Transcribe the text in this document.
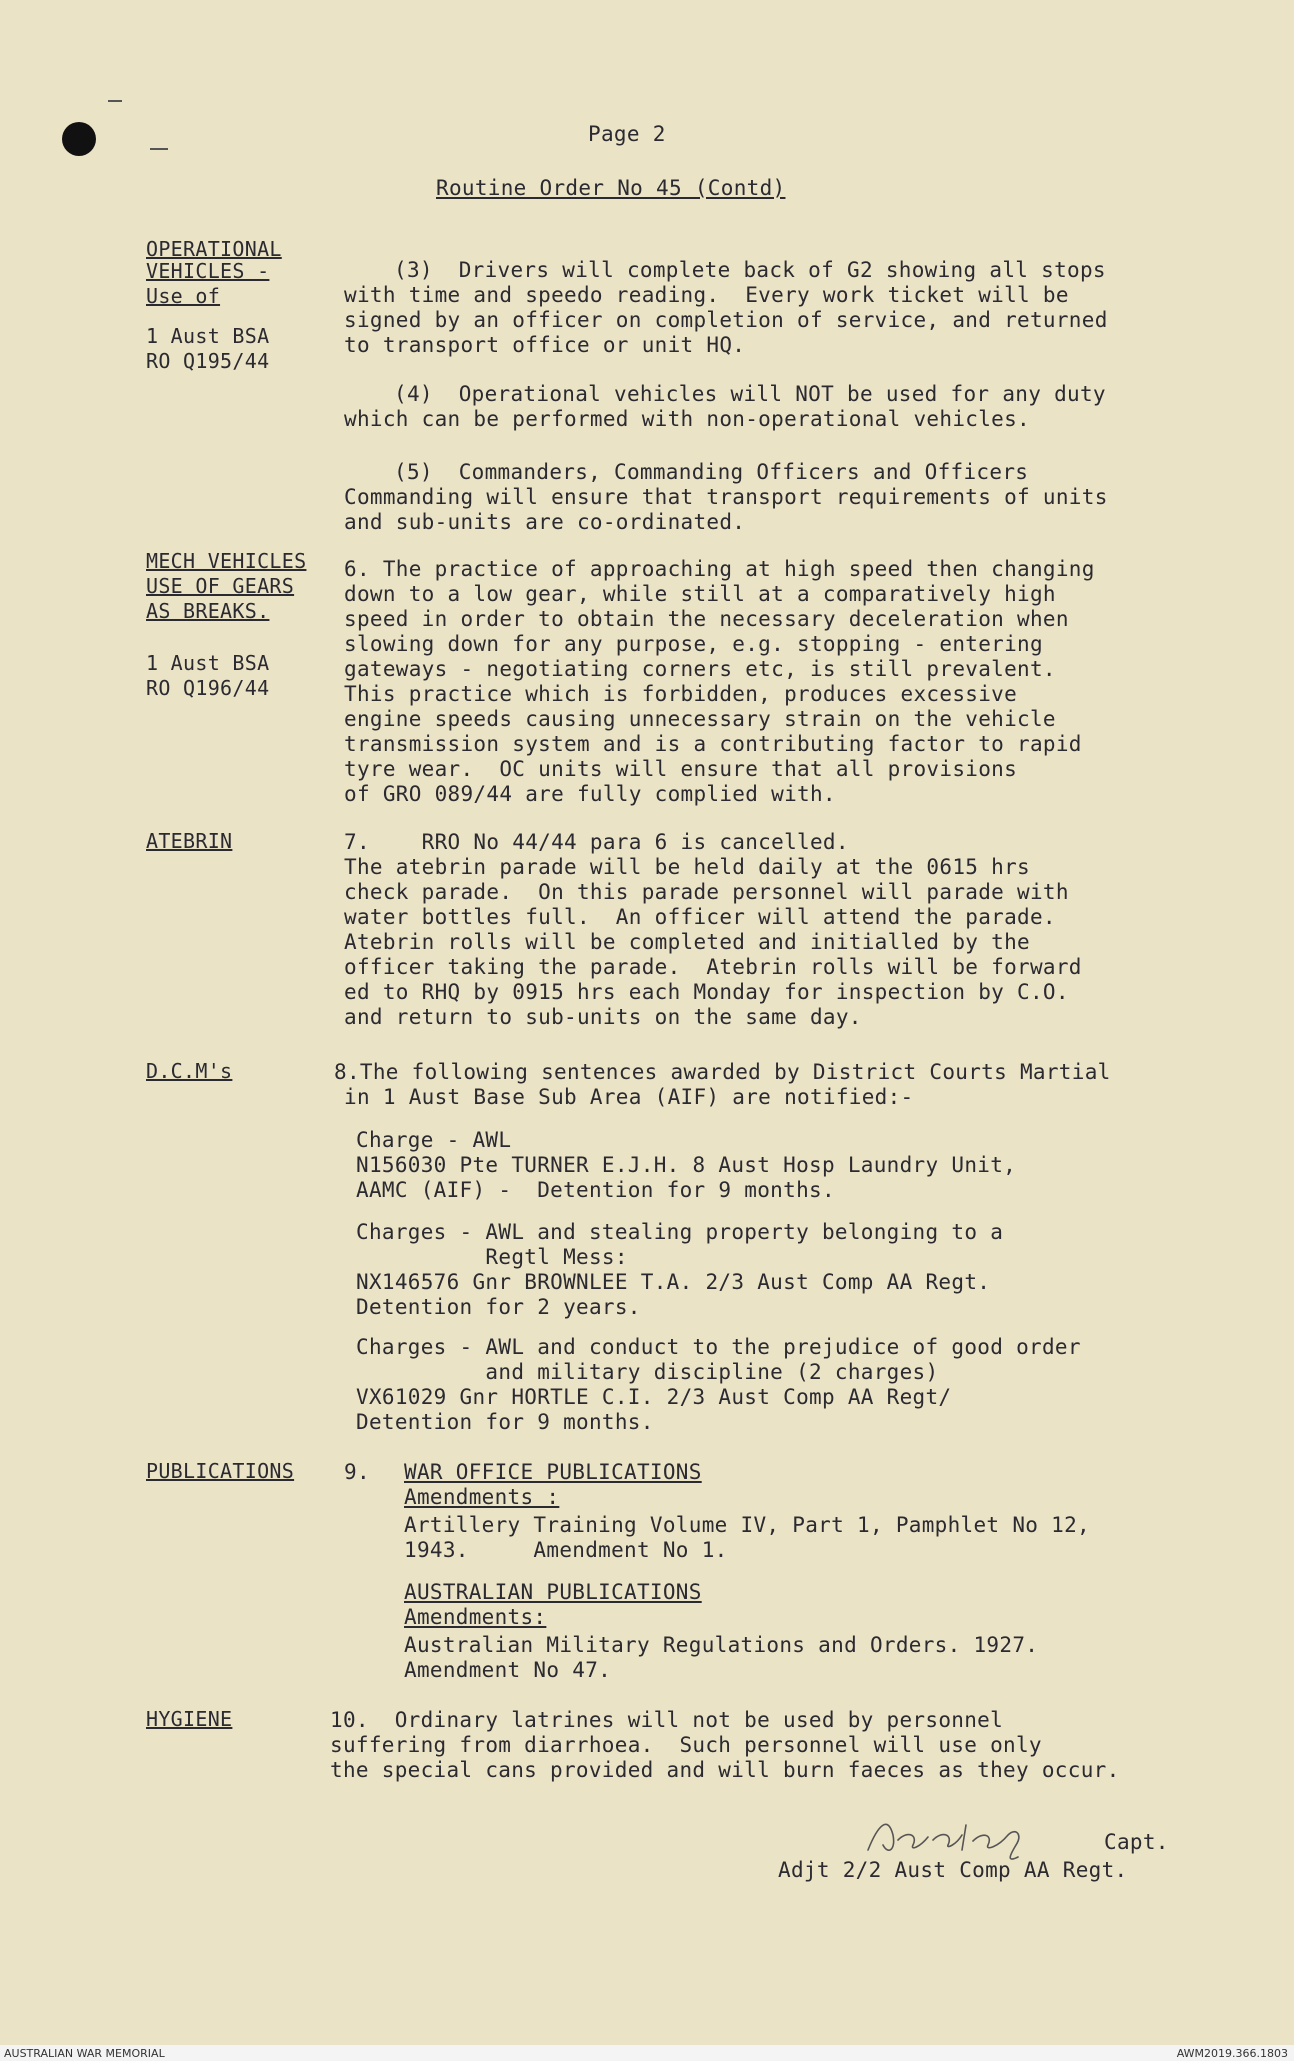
Page 2
Routine Order No 45 (Contd)
OPERATIONAL
VEHICLES -
Use of
1 Aust BSA
RO Q195/44
(3)  Drivers will complete back of G2 showing all stops
with time and speedo reading.  Every work ticket will be
signed by an officer on completion of service, and returned
to transport office or unit HQ.
(4)  Operational vehicles will NOT be used for any duty
which can be performed with non-operational vehicles.
(5)  Commanders, Commanding Officers and Officers
Commanding will ensure that transport requirements of units
and sub-units are co-ordinated.
MECH VEHICLES
USE OF GEARS
AS BREAKS.
1 Aust BSA
RO Q196/44
6. The practice of approaching at high speed then changing
down to a low gear, while still at a comparatively high
speed in order to obtain the necessary deceleration when
slowing down for any purpose, e.g. stopping - entering
gateways - negotiating corners etc, is still prevalent.
This practice which is forbidden, produces excessive
engine speeds causing unnecessary strain on the vehicle
transmission system and is a contributing factor to rapid
tyre wear.  OC units will ensure that all provisions
of GRO 089/44 are fully complied with.
ATEBRIN	7.    RRO No 44/44 para 6 is cancelled.
The atebrin parade will be held daily at the 0615 hrs
check parade.  On this parade personnel will parade with
water bottles full.  An officer will attend the parade.
Atebrin rolls will be completed and initialled by the
officer taking the parade.  Atebrin rolls will be forward
ed to RHQ by 0915 hrs each Monday for inspection by C.O.
and return to sub-units on the same day.
D.C.M's	8.The following sentences awarded by District Courts Martial
in 1 Aust Base Sub Area (AIF) are notified:-
Charge - AWL
N156030 Pte TURNER E.J.H. 8 Aust Hosp Laundry Unit,
AAMC (AIF) -  Detention for 9 months.
Charges - AWL and stealing property belonging to a
Regtl Mess:
NX146576 Gnr BROWNLEE T.A. 2/3 Aust Comp AA Regt.
Detention for 2 years.
Charges - AWL and conduct to the prejudice of good order
and military discipline (2 charges)
VX61029 Gnr HORTLE C.I. 2/3 Aust Comp AA Regt/
Detention for 9 months.
PUBLICATIONS 9. WAR OFFICE PUBLICATIONS
Amendments :
Artillery Training Volume IV, Part 1, Pamphlet No 12,
1943.     Amendment No 1.
AUSTRALIAN PUBLICATIONS
Amendments:
Australian Military Regulations and Orders. 1927.
Amendment No 47.
HYGIENE	10.  Ordinary latrines will not be used by personnel
suffering from diarrhoea.  Such personnel will use only
the special cans provided and will burn faeces as they occur.
Capt.
Adjt 2/2 Aust Comp AA Regt.
AUSTRALIAN WAR MEMORIAL	AWM2019.366.1803
